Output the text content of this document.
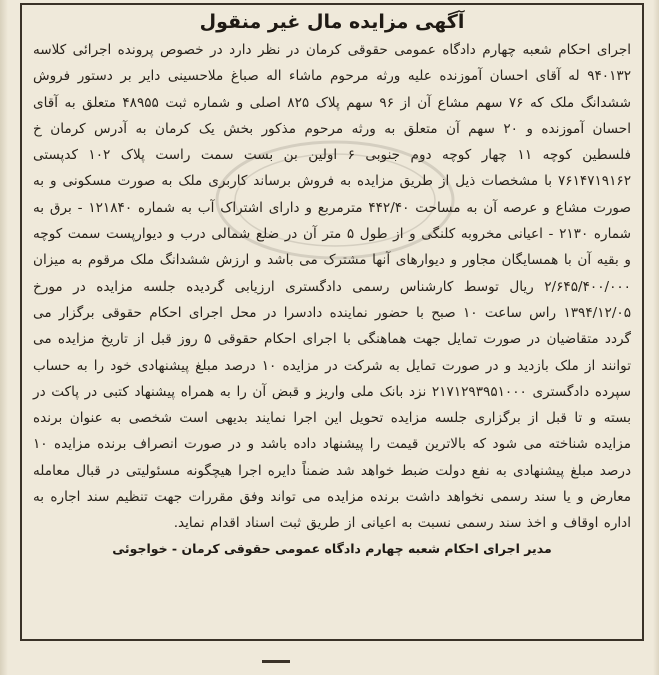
آگهی مزایده مال غیر منقول

اجرای احکام شعبه چهارم دادگاه عمومی حقوقی کرمان در نظر دارد در خصوص پرونده اجرائی کلاسه ۹۴۰۱۳۲ له آقای احسان آموزنده علیه ورثه مرحوم ماشاء اله صباغ ملاحسینی دایر بر دستور فروش ششدانگ ملک که ۷۶ سهم مشاع آن از ۹۶ سهم پلاک ۸۲۵ اصلی و شماره ثبت ۴۸۹۵۵ متعلق به آقای احسان آموزنده و ۲۰ سهم آن متعلق به ورثه مرحوم مذکور بخش یک کرمان به آدرس کرمان خ فلسطین کوچه ۱۱ چهار کوچه دوم جنوبی ۶ اولین بن بست سمت راست پلاک ۱۰۲ کدپستی ۷۶۱۴۷۱۹۱۶۲ با مشخصات ذیل از طریق مزایده به فروش برساند کاربری ملک به صورت مسکونی و به صورت مشاع و عرصه آن به مساحت ۴۴۲/۴۰ مترمربع و دارای اشتراک آب به شماره ۱۲۱۸۴۰ - برق به شماره ۲۱۳۰ - اعیانی مخروبه کلنگی و از طول ۵ متر آن در ضلع شمالی درب و دیوارپست سمت کوچه و بقیه آن با همسایگان مجاور و دیوارهای آنها مشترک می باشد و ارزش ششدانگ ملک مرقوم به میزان ۲/۶۴۵/۴۰۰/۰۰۰ ریال توسط کارشناس رسمی دادگستری ارزیابی گردیده جلسه مزایده در مورخ ۱۳۹۴/۱۲/۰۵ راس ساعت ۱۰ صبح با حضور نماینده دادسرا در محل اجرای احکام حقوقی برگزار می گردد متقاضیان در صورت تمایل جهت هماهنگی با اجرای احکام حقوقی ۵ روز قبل از تاریخ مزایده می توانند از ملک بازدید و در صورت تمایل به شرکت در مزایده ۱۰ درصد مبلغ پیشنهادی خود را به حساب سپرده دادگستری ۲۱۷۱۲۹۳۹۵۱۰۰۰ نزد بانک ملی واریز و قبض آن را به همراه پیشنهاد کتبی در پاکت در بسته و تا قبل از برگزاری جلسه مزایده تحویل این اجرا نمایند بدیهی است شخصی به عنوان برنده مزایده شناخته می شود که بالاترین قیمت را پیشنهاد داده باشد و در صورت انصراف برنده مزایده ۱۰ درصد مبلغ پیشنهادی به نفع دولت ضبط خواهد شد ضمناً دایره اجرا هیچگونه مسئولیتی در قبال معامله معارض و یا سند رسمی نخواهد داشت برنده مزایده می تواند وفق مقررات جهت تنظیم سند اجاره به اداره اوقاف و اخذ سند رسمی نسبت به اعیانی از طریق ثبت اسناد اقدام نماید.

مدیر اجرای احکام شعبه چهارم دادگاه عمومی حقوقی کرمان - خواجوئی
